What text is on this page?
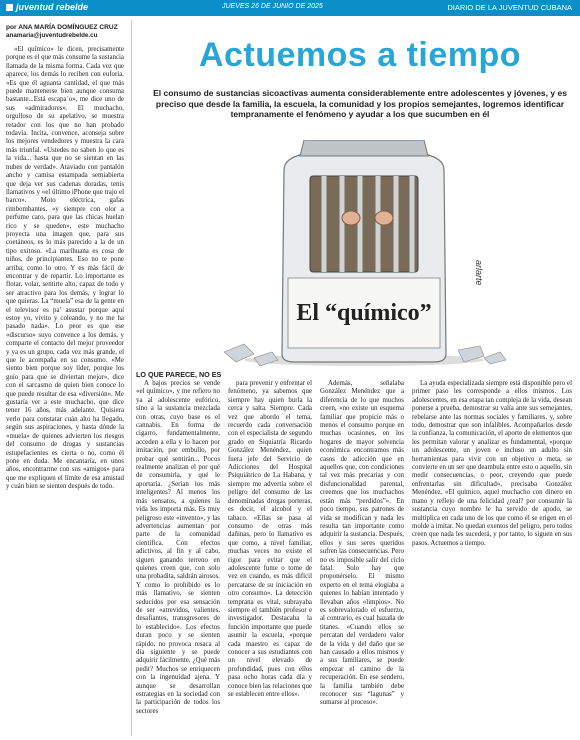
juventud rebelde	JUEVES 26 DE JUNIO DE 2025	DIARIO DE LA JUVENTUD CUBANA
por ANA MARÍA DOMÍNGUEZ CRUZ
anamaria@juventudrebelde.cu
Actuemos a tiempo
El consumo de sustancias sicoactivas aumenta considerablemente entre adolescentes y jóvenes, y es preciso que desde la familia, la escuela, la comunidad y los propios semejantes, logremos identificar tempranamente el fenómeno y ayudar a los que sucumben en él
El “químico”
arlarte
LO QUE PARECE, NO ES

«El químico» le dicen, precisamente porque es el que más consume la sustancia llamada de la misma forma. Cada vez que aparece, los demás lo reciben con euforia. «Es que él aguanta cantidad, el que más puede mantenerse bien aunque consuma bastante...Está escapa´o», me dice uno de sus «admiradores». El muchacho, orgulloso de su apelativo, se muestra retador con los que no han probado todavía. Incita, convence, aconseja sobre los mejores vendedores y muestra la cara más triunfal. «Ustedes no saben lo que es la vida... hasta que no se sientan en las nubes de verdad». Ataviado con pantalón ancho y camisa estampada semiabierta que deja ver sus cadenas doradas, tenis llamativos y «el último iPhone que trajo el barco». Moto eléctrica, gafas rimbombantes, «y siempre con olor a perfume caro, para que las chicas huelan rico y se queden», este muchacho proyecta una imagen que, para sus coetáneos, es lo más parecido a la de un tipo exitoso. «La marihuana es cosa de niños, de principiantes. Eso no te pone arriba, como lo otro. Y es más fácil de encontrar y de repartir. Lo importante es flotar, volar, sentirte alto, capaz de todo y ser atractivo para los demás, y lograr lo que quieras. La “muela” esa de la gente en el televisor es pa’ asustar porque aquí estoy yo, vivito y coleando, y no me ha pasado nada». Lo peor es que ese «discurso» suyo convence a los demás, y comparte el contacto del mejor proveedor y ya es un grupo, cada vez más grande, el que le acompaña en su consumo. «Me siento bien porque soy líder, porque los guío para que se diviertan mejor», dice con el sarcasmo de quien bien conoce lo que puede resultar de esa «diversión». Me gustaría ver a este muchacho, que dice tener 16 años, más adelante. Quisiera verlo para constatar cuán alto ha llegado, según sus aspiraciones, y hasta dónde la «muela» de quienes advierten los riesgos del consumo de drogas y sustancias estupefacientes es cierta o no, como él pone en duda. Me encantaría, en unos años, encontrarme con sus «amigos» para que me expliquen el límite de esa amistad y cuán bien se sienten después de todo.

A bajos precios se vende «el químico», y me refiero no ya al adolescente eufórico, sino a la sustancia mezclada con otras, cuyo base es el cannabis. En forma de cigarro, fundamentalmente, acceden a ella y lo hacen por imitación, por embullo, por probar qué sentirán... Pocos realmente analizan el por qué de consumirla, y qué le aportaría. ¿Serían los más inteligentes? Al menos los más sensatos, a quienes la vida les importa más. Es muy peligroso este «invento», y las advertencias aumentan por parte de la comunidad científica. Con efectos adictivos, al fin y al cabo, siguen ganando terreno en quienes creen que, con solo una probadita, saldrán airosos. Y como lo prohibido es lo más llamativo, se sienten seducidos por esa sensación de ser «atrevidos, valientes, desafiantes, transgresores de lo establecido». Los efectos duran poco y se sienten rápido, no provoca resaca al día siguiente y se puede adquirir fácilmente. ¿Qué más pedir? Muchos se enriquecen con la ingenuidad ajena. Y aunque se desarrollan estrategias en la sociedad con la participación de todos los sectores

para prevenir y enfrentar el fenómeno, ya sabemos que siempre hay quien burla la cerca y salta. Siempre. Cada vez que abordo el tema, recuerdo cada conversación con el especialista de segundo grado en Siquiatría Ricardo González Menéndez, quien fuera jefe del Servicio de Adicciones del Hospital Psiquiátrico de La Habana, y siempre me advertía sobre el peligro del consumo de las denominadas drogas porteras, es decir, el alcohol y el tabaco. «Ellas se pasa al consumo de otras más dañinas, pero lo llamativo es que como, a nivel familiar, muchas veces no existe el rigor para evitar que el adolescente fume o tome de vez en cuando, es más difícil percatarse de su iniciación en otro consumo». La detección temprana es vital, subrayaba siempre el también profesor e investigador. Destacaba la función importante que puede asumir la escuela, «porque cada maestro es capaz de conocer a sus estudiantes con un nivel elevado de profundidad, pues con ellos pasa ocho horas cada día y conoce bien las relaciones que se establecen entre ellos».

Además, señalaba González Menéndez que a diferencia de lo que muchos creen, «no existe un esquema familiar que propicie más o menos el consumo porque en muchas ocasiones, en los hogares de mayor solvencia económica encontramos más casos de adicción que en aquellos que, con condiciones tal vez más precarias y con disfuncionalidad parental, creemos que los muchachos están más “perdidos”». En poco tiempo, sus patrones de vida se modifican y nada les resulta tan importante como adquirir la sustancia. Después, ellos y sus seres queridos sufren las consecuencias. Pero no es imposible salir del ciclo fatal. Solo hay que proponérselo. El mismo experto en el tema elogiaba a quienes lo habían intentado y llevaban años «limpios». No es sobrevalorado el esfuerzo, al contrario, es cual hazaña de titanes. «Cuando ellos se percatan del verdadero valor de la vida y del daño que se han causado a ellos mismos y a sus familiares, se puede empezar el camino de la recuperación. En ese sendero, la familia también debe reconocer sus “lagunas” y sumarse al proceso».

La ayuda especializada siempre está disponible pero el primer paso les corresponde a ellos mismos. Los adolescentes, en esa etapa tan compleja de la vida, desean ponerse a prueba, demostrar su valía ante sus semejantes, rebelarse ante las normas sociales y familiares, y, sobre todo, demostrar que son infalibles. Acompañarlos desde la confianza, la comunicación, el aporte de elementos que les permitan valorar y analizar es fundamental, «porque un adolescente, un joven e incluso un adulto sin herramientas para vivir con un objetivo o meta, se convierte en un ser que deambula entre esto o aquello, sin medir consecuencias, o peor, creyendo que puede enfrentarlas sin dificultad», precisaba González Menéndez. «El químico, aquel muchacho con dinero en mano y reflejo de una felicidad ¿real? por consumir la sustancia cuyo nombre le ha servido de apodo, se multiplica en cada uno de los que como él se erigen en el molde a imitar. No quedan exentos del peligro, pero todos creen que nada les sucederá, y por tanto, lo siguen en sus pasos. Actuemos a tiempo.
